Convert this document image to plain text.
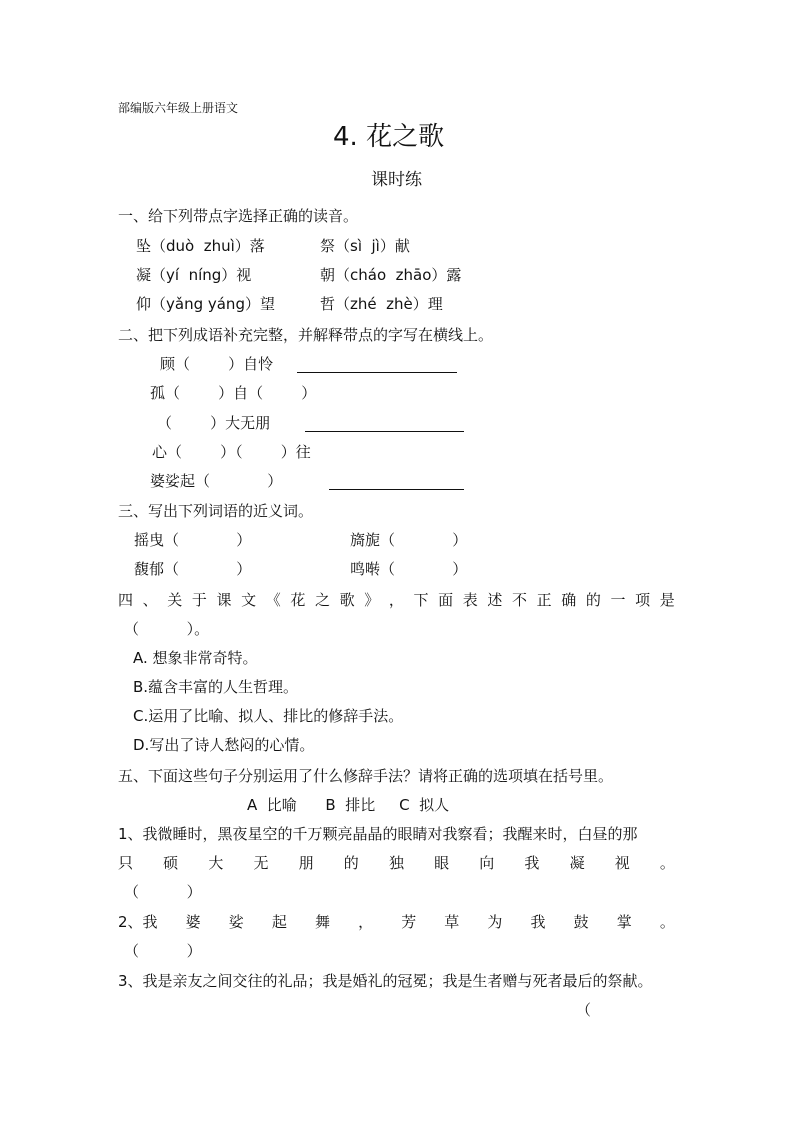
部编版六年级上册语文
4. 花之歌
课时练
一、给下列带点字选择正确的读音。
坠（duò  zhuì）落	祭（sì  jì）献
凝（yí  níng）视	朝（cháo  zhāo）露
仰（yǎng yáng）望	哲（zhé  zhè）理
二、把下列成语补充完整，并解释带点的字写在横线上。
顾（        ）自怜
孤（        ）自（        ）
（        ）大无朋
心（        ）（        ）往
婆娑起（            ）
三、写出下列词语的近义词。
摇曳（            ）	旖旎（            ）
馥郁（            ）	鸣啭（            ）
四 、 关 于 课 文 《 花 之 歌 》 ， 下 面 表 述 不 正 确 的 一 项 是
（          ）。
A. 想象非常奇特。
B.蕴含丰富的人生哲理。
C.运用了比喻、拟人、排比的修辞手法。
D.写出了诗人愁闷的心情。
五、下面这些句子分别运用了什么修辞手法？请将正确的选项填在括号里。
A  比喻      B  排比     C  拟人
1、我微睡时，黑夜星空的千万颗亮晶晶的眼睛对我察看；我醒来时，白昼的那
只 硕 大 无 朋 的 独 眼 向 我 凝 视 。
（          ）
2、我 婆 娑 起 舞 ， 芳 草 为 我 鼓 掌 。
（          ）
3、我是亲友之间交往的礼品；我是婚礼的冠冕；我是生者赠与死者最后的祭献。
（
